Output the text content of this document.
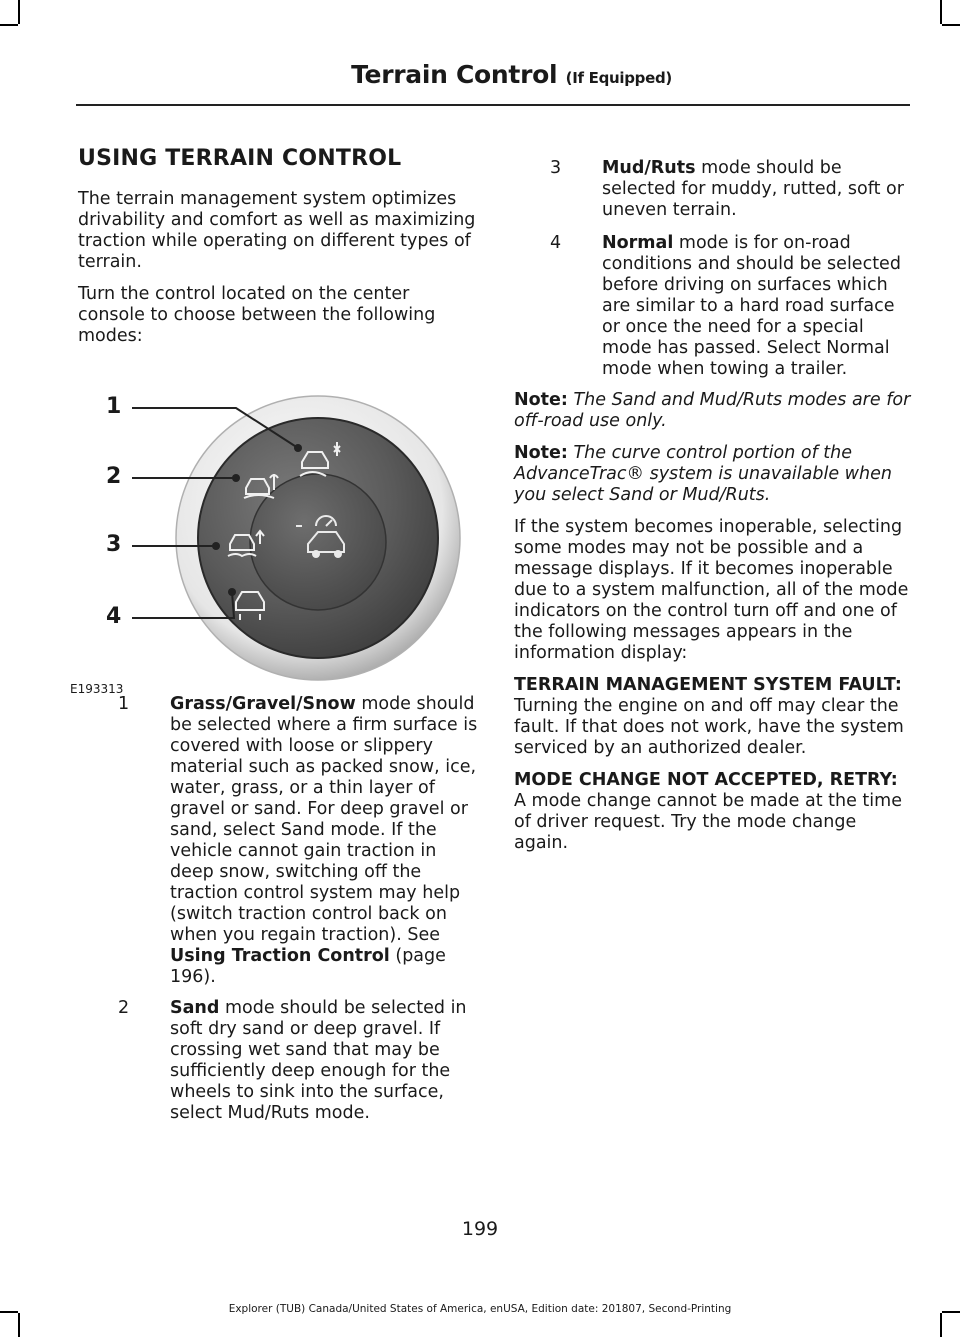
Terrain Control (If Equipped)
USING TERRAIN CONTROL

The terrain management system optimizes drivability and comfort as well as maximizing traction while operating on different types of terrain.

Turn the control located on the center console to choose between the following modes:

1 Grass/Gravel/Snow mode should be selected where a firm surface is covered with loose or slippery material such as packed snow, ice, water, grass, or a thin layer of gravel or sand. For deep gravel or sand, select Sand mode. If the vehicle cannot gain traction in deep snow, switching off the traction control system may help (switch traction control back on when you regain traction). See Using Traction Control (page 196).
2 Sand mode should be selected in soft dry sand or deep gravel. If crossing wet sand that may be sufficiently deep enough for the wheels to sink into the surface, select Mud/Ruts mode.
1
2
3
4
E193313
3 Mud/Ruts mode should be selected for muddy, rutted, soft or uneven terrain.
4 Normal mode is for on-road conditions and should be selected before driving on surfaces which are similar to a hard road surface or once the need for a special mode has passed. Select Normal mode when towing a trailer.

Note: The Sand and Mud/Ruts modes are for off-road use only.

Note: The curve control portion of the AdvanceTrac® system is unavailable when you select Sand or Mud/Ruts.

If the system becomes inoperable, selecting some modes may not be possible and a message displays. If it becomes inoperable due to a system malfunction, all of the mode indicators on the control turn off and one of the following messages appears in the information display:

TERRAIN MANAGEMENT SYSTEM FAULT: Turning the engine on and off may clear the fault. If that does not work, have the system serviced by an authorized dealer.

MODE CHANGE NOT ACCEPTED, RETRY: A mode change cannot be made at the time of driver request. Try the mode change again.

199
Explorer (TUB) Canada/United States of America, enUSA, Edition date: 201807, Second-Printing
